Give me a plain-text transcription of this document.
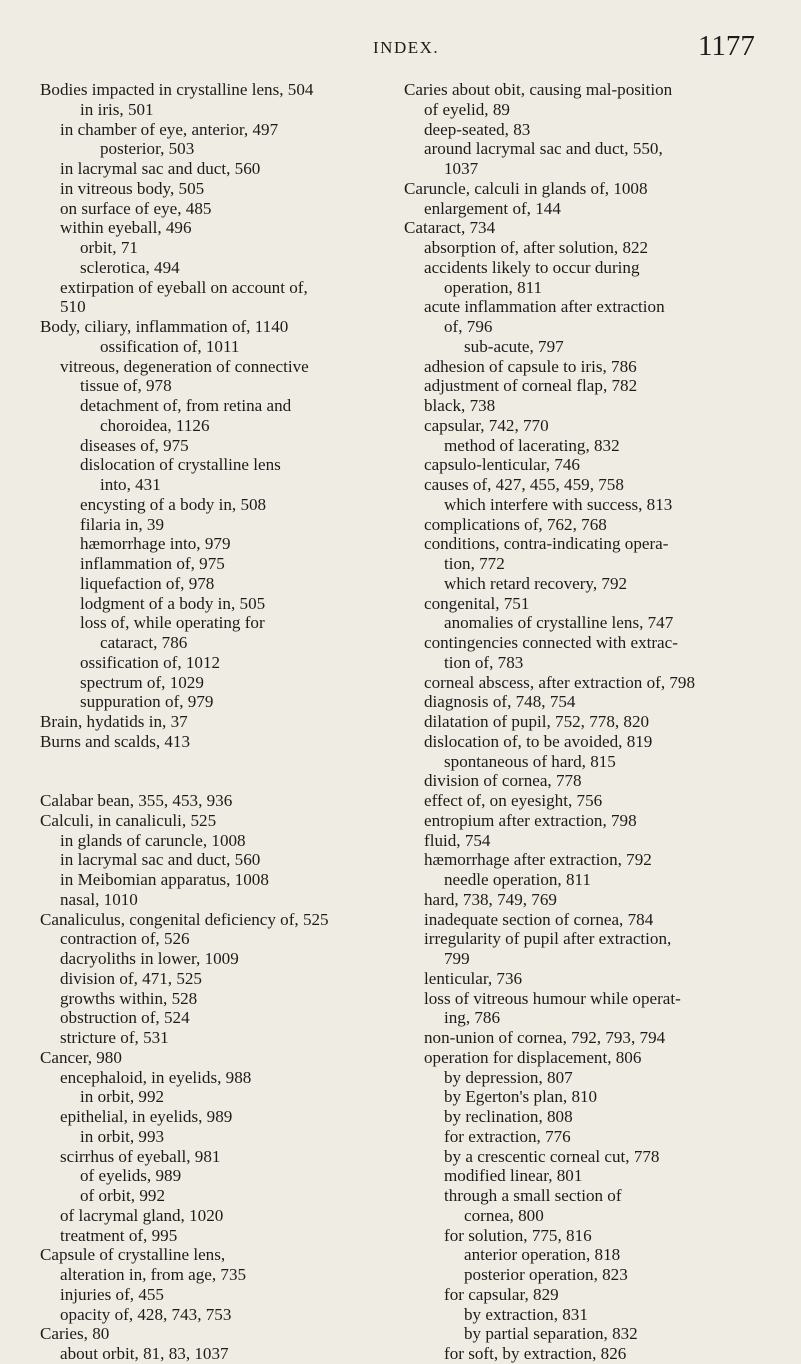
INDEX.	1177
Bodies impacted in crystalline lens, 504
in iris, 501
in chamber of eye, anterior, 497
posterior, 503
in lacrymal sac and duct, 560
in vitreous body, 505
on surface of eye, 485
within eyeball, 496
orbit, 71
sclerotica, 494
extirpation of eyeball on account of,
510
Body, ciliary, inflammation of, 1140
ossification of, 1011
vitreous, degeneration of connective
tissue of, 978
detachment of, from retina and
choroidea, 1126
diseases of, 975
dislocation of crystalline lens
into, 431
encysting of a body in, 508
filaria in, 39
hæmorrhage into, 979
inflammation of, 975
liquefaction of, 978
lodgment of a body in, 505
loss of, while operating for
cataract, 786
ossification of, 1012
spectrum of, 1029
suppuration of, 979
Brain, hydatids in, 37
Burns and scalds, 413
Calabar bean, 355, 453, 936
Calculi, in canaliculi, 525
in glands of caruncle, 1008
in lacrymal sac and duct, 560
in Meibomian apparatus, 1008
nasal, 1010
Canaliculus, congenital deficiency of, 525
contraction of, 526
dacryoliths in lower, 1009
division of, 471, 525
growths within, 528
obstruction of, 524
stricture of, 531
Cancer, 980
encephaloid, in eyelids, 988
in orbit, 992
epithelial, in eyelids, 989
in orbit, 993
scirrhus of eyeball, 981
of eyelids, 989
of orbit, 992
of lacrymal gland, 1020
treatment of, 995
Capsule of crystalline lens,
alteration in, from age, 735
injuries of, 455
opacity of, 428, 743, 753
Caries, 80
about orbit, 81, 83, 1037
Caries about obit, causing mal-position
of eyelid, 89
deep-seated, 83
around lacrymal sac and duct, 550,
1037
Caruncle, calculi in glands of, 1008
enlargement of, 144
Cataract, 734
absorption of, after solution, 822
accidents likely to occur during
operation, 811
acute inflammation after extraction
of, 796
sub-acute, 797
adhesion of capsule to iris, 786
adjustment of corneal flap, 782
black, 738
capsular, 742, 770
method of lacerating, 832
capsulo-lenticular, 746
causes of, 427, 455, 459, 758
which interfere with success, 813
complications of, 762, 768
conditions, contra-indicating opera-
tion, 772
which retard recovery, 792
congenital, 751
anomalies of crystalline lens, 747
contingencies connected with extrac-
tion of, 783
corneal abscess, after extraction of, 798
diagnosis of, 748, 754
dilatation of pupil, 752, 778, 820
dislocation of, to be avoided, 819
spontaneous of hard, 815
division of cornea, 778
effect of, on eyesight, 756
entropium after extraction, 798
fluid, 754
hæmorrhage after extraction, 792
needle operation, 811
hard, 738, 749, 769
inadequate section of cornea, 784
irregularity of pupil after extraction,
799
lenticular, 736
loss of vitreous humour while operat-
ing, 786
non-union of cornea, 792, 793, 794
operation for displacement, 806
by depression, 807
by Egerton's plan, 810
by reclination, 808
for extraction, 776
by a crescentic corneal cut, 778
modified linear, 801
through a small section of
cornea, 800
for solution, 775, 816
anterior operation, 818
posterior operation, 823
for capsular, 829
by extraction, 831
by partial separation, 832
for soft, by extraction, 826
